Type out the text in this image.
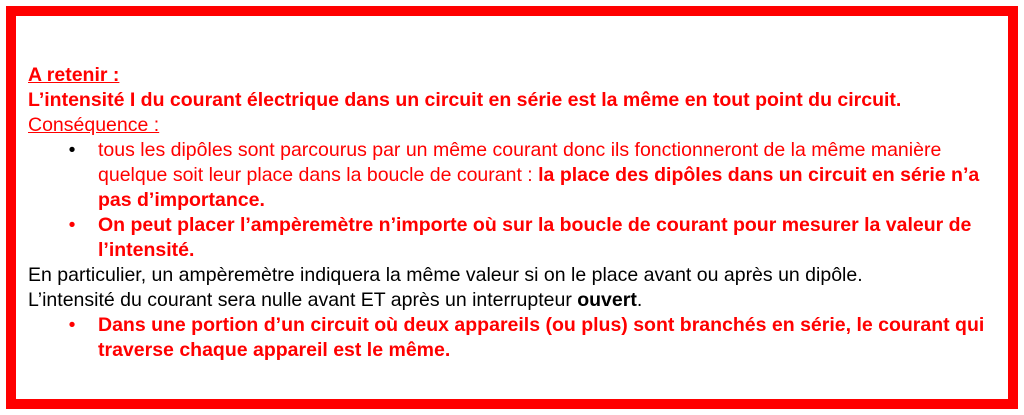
A retenir :

L’intensité I du courant électrique dans un circuit en série est la même en tout point du circuit.

Conséquence :

•	tous les dipôles sont parcourus par un même courant donc ils fonctionneront de la même manière quelque soit leur place dans la boucle de courant : la place des dipôles dans un circuit en série n’a pas d’importance.

•	On peut placer l’ampèremètre n’importe où sur la boucle de courant pour mesurer la valeur de l’intensité.

En particulier, un ampèremètre indiquera la même valeur si on le place avant ou après un dipôle.

L’intensité du courant sera nulle avant ET après un interrupteur ouvert.

•	Dans une portion d’un circuit où deux appareils (ou plus) sont branchés en série, le courant qui traverse chaque appareil est le même.
